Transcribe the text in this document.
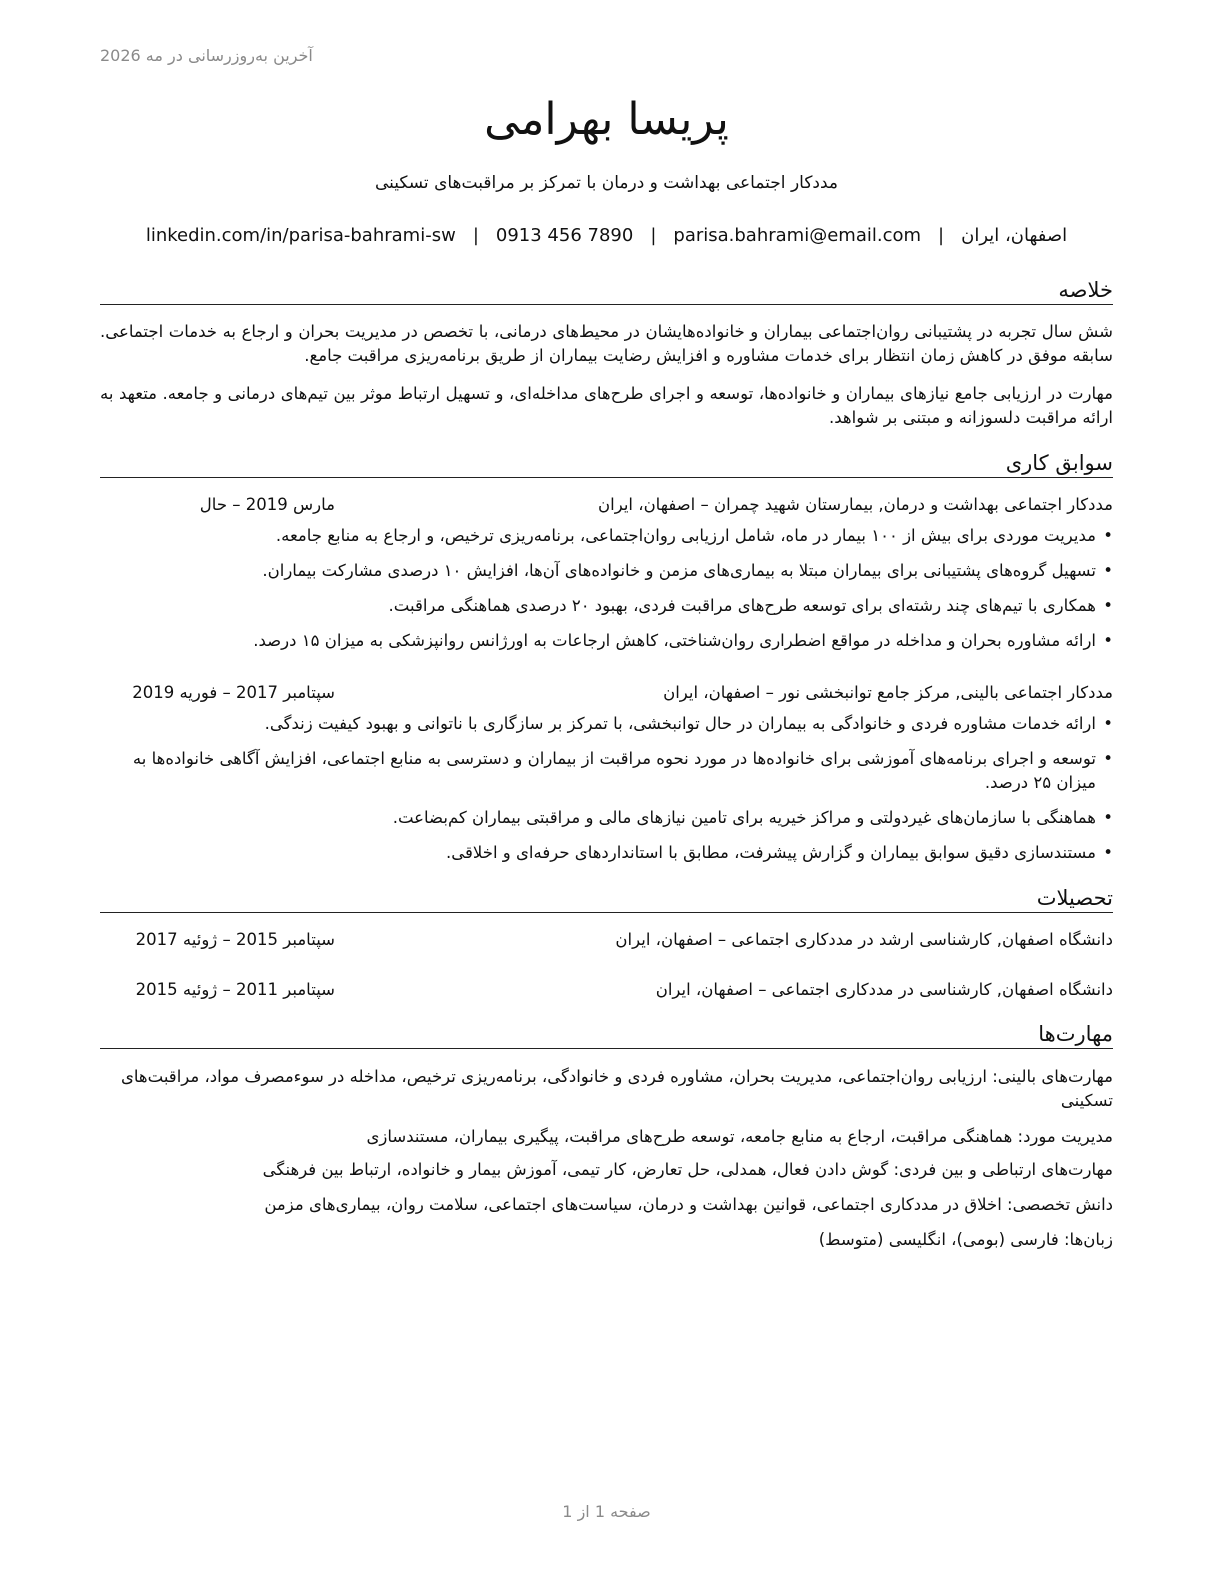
آخرین به‌روزرسانی در مه 2026
پریسا بهرامی
مددکار اجتماعی بهداشت و درمان با تمرکز بر مراقبت‌های تسکینی
اصفهان، ایران|parisa.bahrami@email.com|0913 456 7890|linkedin.com/in/parisa-bahrami-sw
خلاصه
شش سال تجربه در پشتیبانی روان‌اجتماعی بیماران و خانواده‌هایشان در محیط‌های درمانی، با تخصص در مدیریت بحران و ارجاع به خدمات اجتماعی. سابقه موفق در کاهش زمان انتظار برای خدمات مشاوره و افزایش رضایت بیماران از طریق برنامه‌ریزی مراقبت جامع.
مهارت در ارزیابی جامع نیازهای بیماران و خانواده‌ها، توسعه و اجرای طرح‌های مداخله‌ای، و تسهیل ارتباط موثر بین تیم‌های درمانی و جامعه. متعهد به ارائه مراقبت دلسوزانه و مبتنی بر شواهد.
سوابق کاری
مددکار اجتماعی بهداشت و درمان, بیمارستان شهید چمران – اصفهان، ایران
مارس 2019 – حال
• مدیریت موردی برای بیش از ۱۰۰ بیمار در ماه، شامل ارزیابی روان‌اجتماعی، برنامه‌ریزی ترخیص، و ارجاع به منابع جامعه.
• تسهیل گروه‌های پشتیبانی برای بیماران مبتلا به بیماری‌های مزمن و خانواده‌های آن‌ها، افزایش ۱۰ درصدی مشارکت بیماران.
• همکاری با تیم‌های چند رشته‌ای برای توسعه طرح‌های مراقبت فردی، بهبود ۲۰ درصدی هماهنگی مراقبت.
• ارائه مشاوره بحران و مداخله در مواقع اضطراری روان‌شناختی، کاهش ارجاعات به اورژانس روانپزشکی به میزان ۱۵ درصد.
مددکار اجتماعی بالینی, مرکز جامع توانبخشی نور – اصفهان، ایران
سپتامبر 2017 – فوریه 2019
• ارائه خدمات مشاوره فردی و خانوادگی به بیماران در حال توانبخشی، با تمرکز بر سازگاری با ناتوانی و بهبود کیفیت زندگی.
• توسعه و اجرای برنامه‌های آموزشی برای خانواده‌ها در مورد نحوه مراقبت از بیماران و دسترسی به منابع اجتماعی، افزایش آگاهی خانواده‌ها به میزان ۲۵ درصد.
• هماهنگی با سازمان‌های غیردولتی و مراکز خیریه برای تامین نیازهای مالی و مراقبتی بیماران کم‌بضاعت.
• مستندسازی دقیق سوابق بیماران و گزارش پیشرفت، مطابق با استانداردهای حرفه‌ای و اخلاقی.
تحصیلات
دانشگاه اصفهان, کارشناسی ارشد در مددکاری اجتماعی – اصفهان، ایران
سپتامبر 2015 – ژوئیه 2017
دانشگاه اصفهان, کارشناسی در مددکاری اجتماعی – اصفهان، ایران
سپتامبر 2011 – ژوئیه 2015
مهارت‌ها
مهارت‌های بالینی: ارزیابی روان‌اجتماعی، مدیریت بحران، مشاوره فردی و خانوادگی، برنامه‌ریزی ترخیص، مداخله در سوءمصرف مواد، مراقبت‌های تسکینی
مدیریت مورد: هماهنگی مراقبت، ارجاع به منابع جامعه، توسعه طرح‌های مراقبت، پیگیری بیماران، مستندسازی
مهارت‌های ارتباطی و بین فردی: گوش دادن فعال، همدلی، حل تعارض، کار تیمی، آموزش بیمار و خانواده، ارتباط بین فرهنگی
دانش تخصصی: اخلاق در مددکاری اجتماعی، قوانین بهداشت و درمان، سیاست‌های اجتماعی، سلامت روان، بیماری‌های مزمن
زبان‌ها: فارسی (بومی)، انگلیسی (متوسط)
صفحه 1 از 1
